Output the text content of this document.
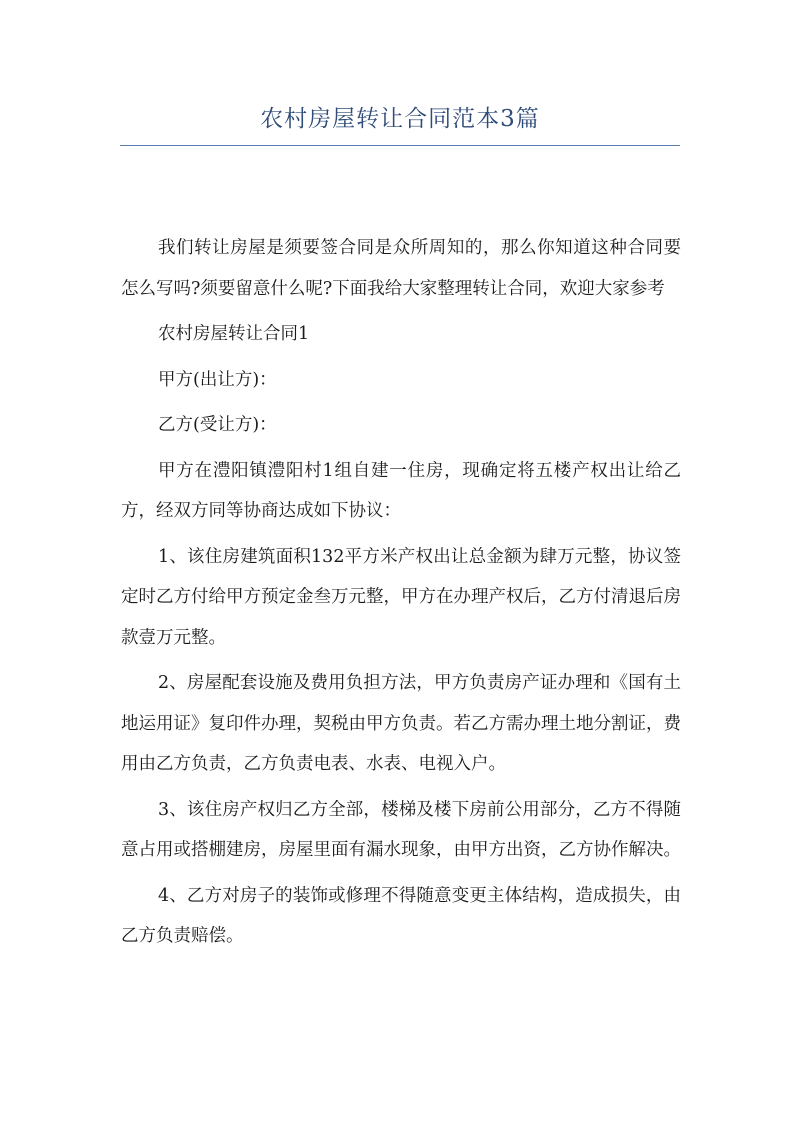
农村房屋转让合同范本3篇

我们转让房屋是须要签合同是众所周知的，那么你知道这种合同要怎么写吗?须要留意什么呢?下面我给大家整理转让合同，欢迎大家参考

农村房屋转让合同1

甲方(出让方)：

乙方(受让方)：

甲方在澧阳镇澧阳村1组自建一住房，现确定将五楼产权出让给乙方，经双方同等协商达成如下协议：

1、该住房建筑面积132平方米产权出让总金额为肆万元整，协议签定时乙方付给甲方预定金叁万元整，甲方在办理产权后，乙方付清退后房款壹万元整。

2、房屋配套设施及费用负担方法，甲方负责房产证办理和《国有土地运用证》复印件办理，契税由甲方负责。若乙方需办理土地分割证，费用由乙方负责，乙方负责电表、水表、电视入户。

3、该住房产权归乙方全部，楼梯及楼下房前公用部分，乙方不得随意占用或搭棚建房，房屋里面有漏水现象，由甲方出资，乙方协作解决。

4、乙方对房子的装饰或修理不得随意变更主体结构，造成损失，由乙方负责赔偿。
